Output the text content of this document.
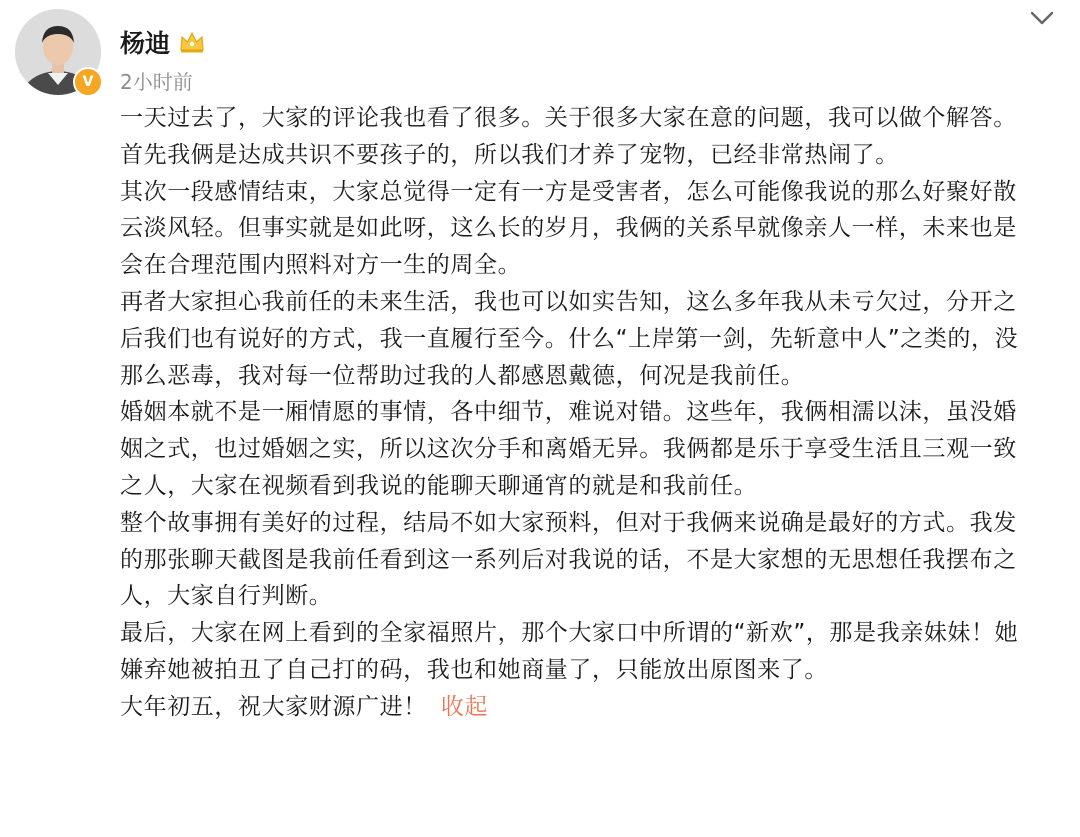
V
杨迪
2小时前

一天过去了，大家的评论我也看了很多。关于很多大家在意的问题，我可以做个解答。

首先我俩是达成共识不要孩子的，所以我们才养了宠物，已经非常热闹了。

其次一段感情结束，大家总觉得一定有一方是受害者，怎么可能像我说的那么好聚好散云淡风轻。但事实就是如此呀，这么长的岁月，我俩的关系早就像亲人一样，未来也是会在合理范围内照料对方一生的周全。

再者大家担心我前任的未来生活，我也可以如实告知，这么多年我从未亏欠过，分开之后我们也有说好的方式，我一直履行至今。什么“上岸第一剑，先斩意中人”之类的，没那么恶毒，我对每一位帮助过我的人都感恩戴德，何况是我前任。

婚姻本就不是一厢情愿的事情，各中细节，难说对错。这些年，我俩相濡以沫，虽没婚姻之式，也过婚姻之实，所以这次分手和离婚无异。我俩都是乐于享受生活且三观一致之人，大家在视频看到我说的能聊天聊通宵的就是和我前任。

整个故事拥有美好的过程，结局不如大家预料，但对于我俩来说确是最好的方式。我发的那张聊天截图是我前任看到这一系列后对我说的话，不是大家想的无思想任我摆布之人，大家自行判断。

最后，大家在网上看到的全家福照片，那个大家口中所谓的“新欢”，那是我亲妹妹！她嫌弃她被拍丑了自己打的码，我也和她商量了，只能放出原图来了。

大年初五，祝大家财源广进！ 收起
